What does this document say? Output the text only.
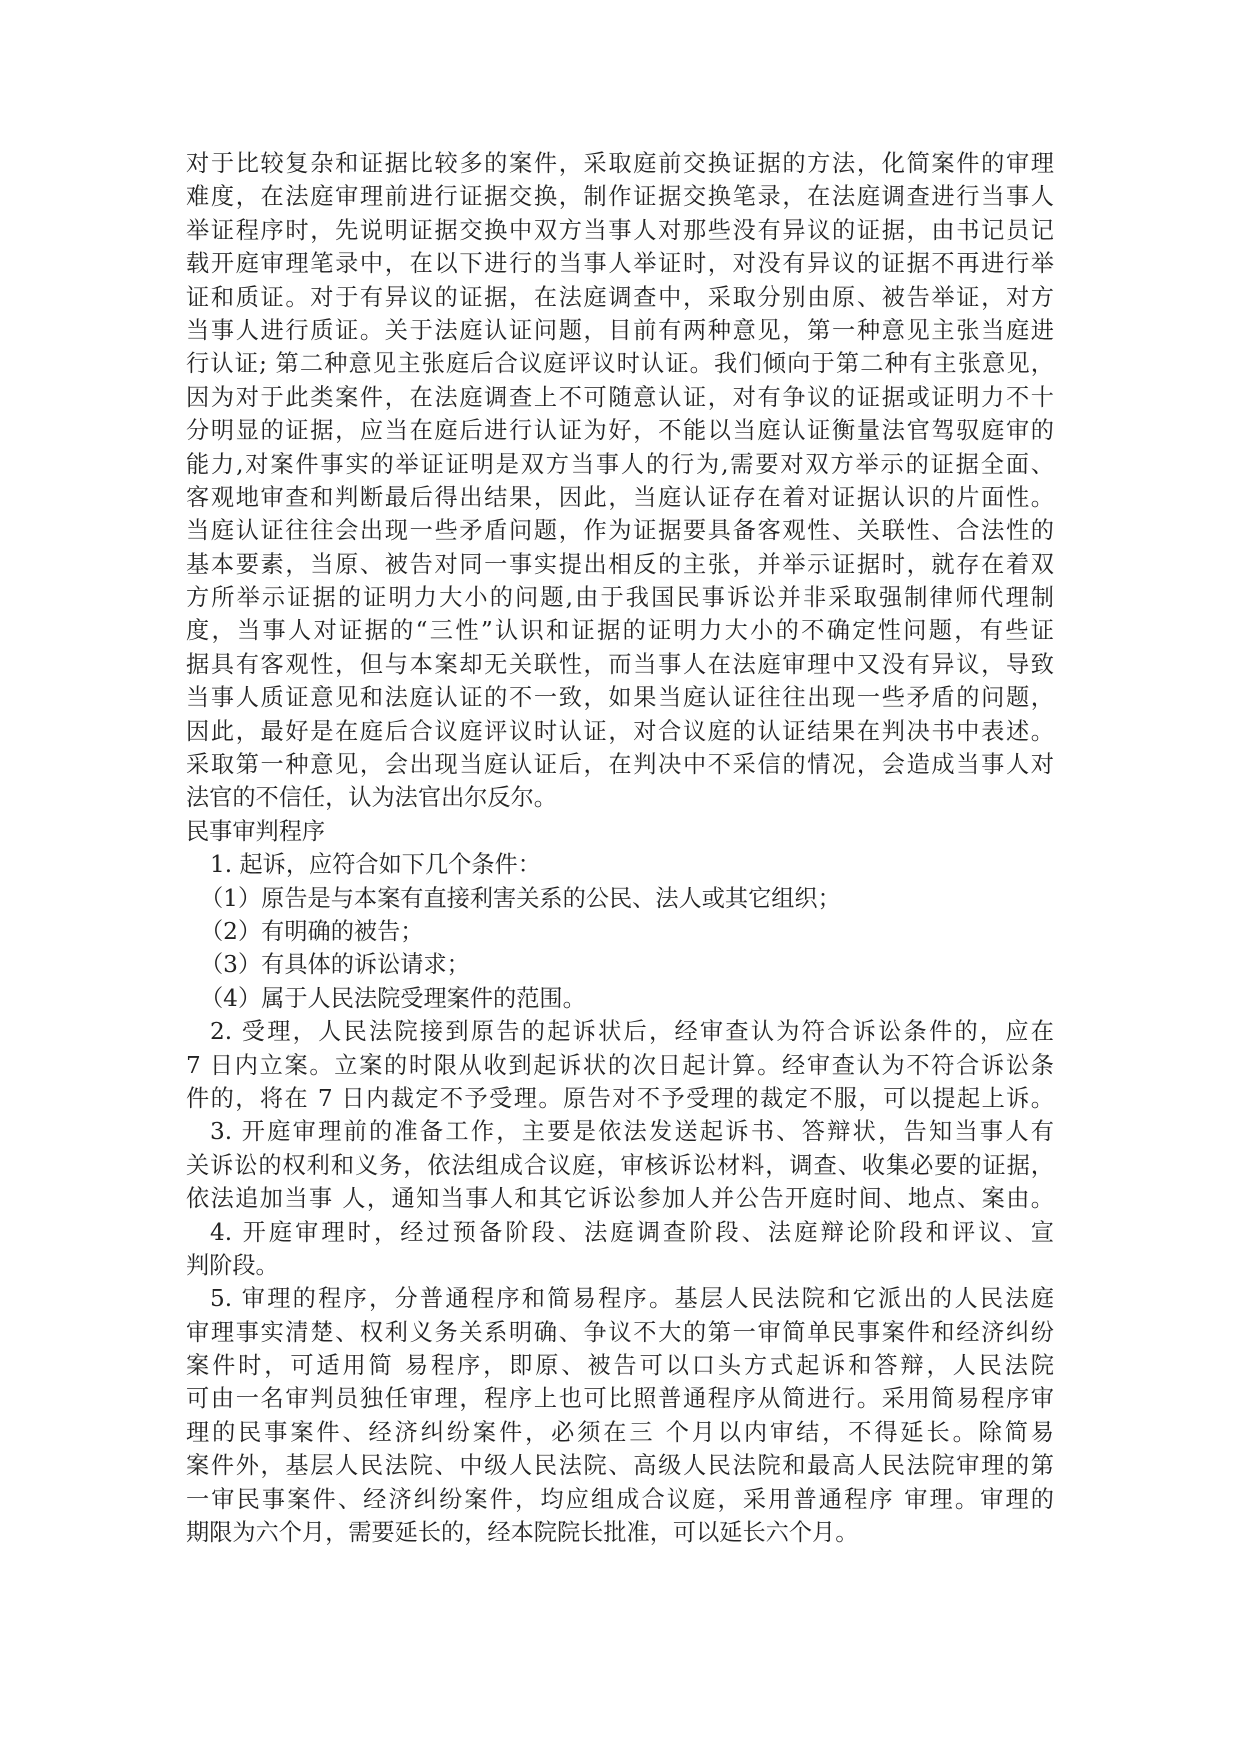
对于比较复杂和证据比较多的案件，采取庭前交换证据的方法，化简案件的审理
难度，在法庭审理前进行证据交换，制作证据交换笔录，在法庭调查进行当事人
举证程序时，先说明证据交换中双方当事人对那些没有异议的证据，由书记员记
载开庭审理笔录中，在以下进行的当事人举证时，对没有异议的证据不再进行举
证和质证。对于有异议的证据，在法庭调查中，采取分别由原、被告举证，对方
当事人进行质证。关于法庭认证问题，目前有两种意见，第一种意见主张当庭进
行认证; 第二种意见主张庭后合议庭评议时认证。我们倾向于第二种有主张意见，
因为对于此类案件，在法庭调查上不可随意认证，对有争议的证据或证明力不十
分明显的证据，应当在庭后进行认证为好，不能以当庭认证衡量法官驾驭庭审的
能力,对案件事实的举证证明是双方当事人的行为,需要对双方举示的证据全面、
客观地审查和判断最后得出结果，因此，当庭认证存在着对证据认识的片面性。
当庭认证往往会出现一些矛盾问题，作为证据要具备客观性、关联性、合法性的
基本要素，当原、被告对同一事实提出相反的主张，并举示证据时，就存在着双
方所举示证据的证明力大小的问题,由于我国民事诉讼并非采取强制律师代理制
度，当事人对证据的“三性”认识和证据的证明力大小的不确定性问题，有些证
据具有客观性，但与本案却无关联性，而当事人在法庭审理中又没有异议，导致
当事人质证意见和法庭认证的不一致，如果当庭认证往往出现一些矛盾的问题，
因此，最好是在庭后合议庭评议时认证，对合议庭的认证结果在判决书中表述。
采取第一种意见，会出现当庭认证后，在判决中不采信的情况，会造成当事人对
法官的不信任，认为法官出尔反尔。
民事审判程序
1. 起诉，应符合如下几个条件：
（1）原告是与本案有直接利害关系的公民、法人或其它组织；
（2）有明确的被告；
（3）有具体的诉讼请求；
（4）属于人民法院受理案件的范围。
2. 受理，人民法院接到原告的起诉状后，经审查认为符合诉讼条件的，应在
7 日内立案。立案的时限从收到起诉状的次日起计算。经审查认为不符合诉讼条
件的，将在 7 日内裁定不予受理。原告对不予受理的裁定不服，可以提起上诉。
3. 开庭审理前的准备工作，主要是依法发送起诉书、答辩状，告知当事人有
关诉讼的权利和义务，依法组成合议庭，审核诉讼材料，调查、收集必要的证据，
依法追加当事 人，通知当事人和其它诉讼参加人并公告开庭时间、地点、案由。
4. 开庭审理时，经过预备阶段、法庭调查阶段、法庭辩论阶段和评议、宣
判阶段。
5. 审理的程序，分普通程序和简易程序。基层人民法院和它派出的人民法庭
审理事实清楚、权利义务关系明确、争议不大的第一审简单民事案件和经济纠纷
案件时，可适用简 易程序，即原、被告可以口头方式起诉和答辩，人民法院
可由一名审判员独任审理，程序上也可比照普通程序从简进行。采用简易程序审
理的民事案件、经济纠纷案件，必须在三 个月以内审结，不得延长。除简易
案件外，基层人民法院、中级人民法院、高级人民法院和最高人民法院审理的第
一审民事案件、经济纠纷案件，均应组成合议庭，采用普通程序 审理。审理的
期限为六个月，需要延长的，经本院院长批准，可以延长六个月。
